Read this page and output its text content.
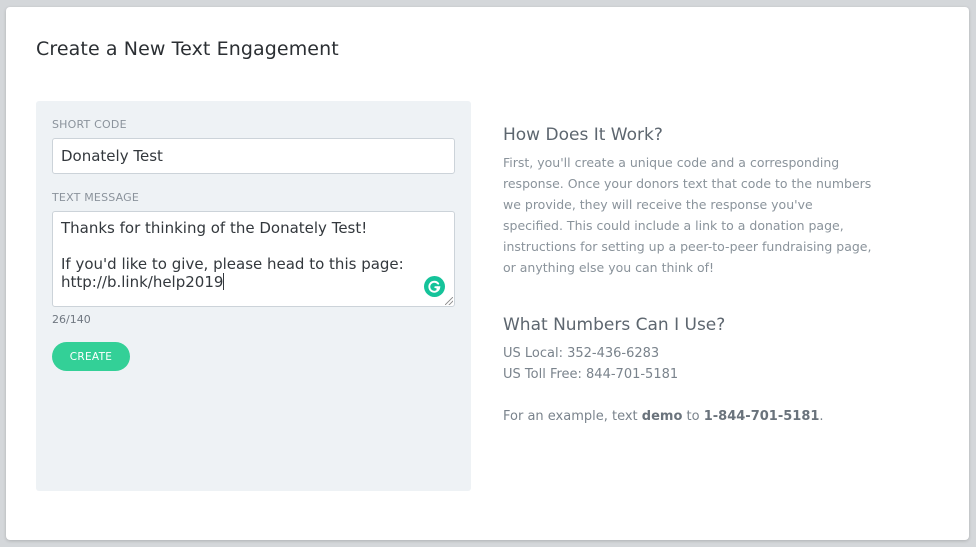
Create a New Text Engagement
SHORT CODE
Donately Test
TEXT MESSAGE
Thanks for thinking of the Donately Test!
If you'd like to give, please head to this page:
http://b.link/help2019
26/140
CREATE
How Does It Work?
First, you'll create a unique code and a corresponding response. Once your donors text that code to the numbers we provide, they will receive the response you've specified. This could include a link to a donation page, instructions for setting up a peer-to-peer fundraising page, or anything else you can think of!
What Numbers Can I Use?
US Local: 352-436-6283
US Toll Free: 844-701-5181
For an example, text demo to 1-844-701-5181.
